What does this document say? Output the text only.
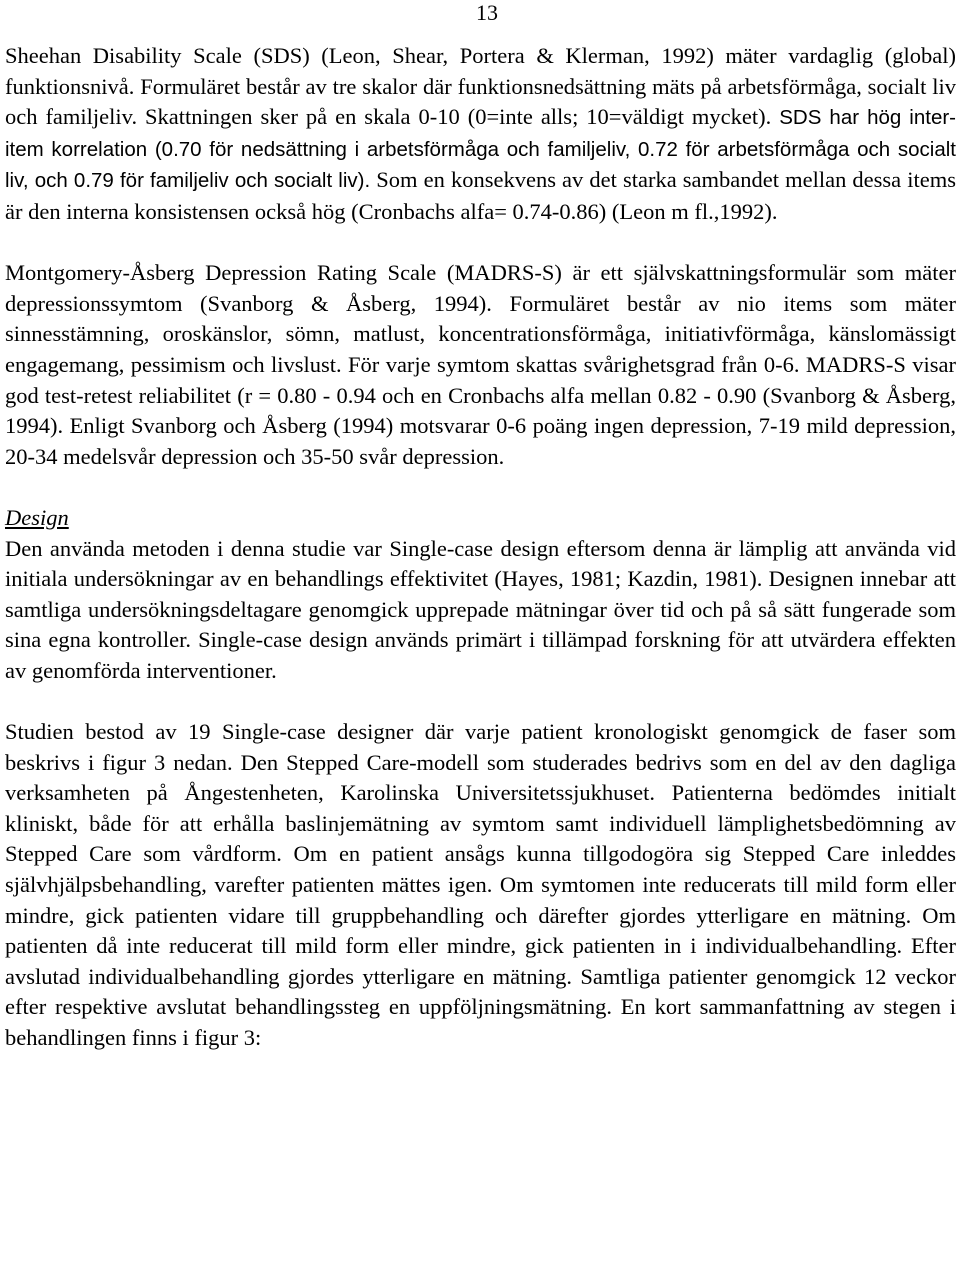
13

Sheehan Disability Scale (SDS) (Leon, Shear, Portera & Klerman, 1992) mäter vardaglig (global) funktionsnivå. Formuläret består av tre skalor där funktionsnedsättning mäts på arbetsförmåga, socialt liv och familjeliv. Skattningen sker på en skala 0-10 (0=inte alls; 10=väldigt mycket). SDS har hög inter-item korrelation (0.70 för nedsättning i arbetsförmåga och familjeliv, 0.72 för arbetsförmåga och socialt liv, och 0.79 för familjeliv och socialt liv). Som en konsekvens av det starka sambandet mellan dessa items är den interna konsistensen också hög (Cronbachs alfa= 0.74-0.86) (Leon m fl.,1992).

Montgomery-Åsberg Depression Rating Scale (MADRS-S) är ett självskattningsformulär som mäter depressionssymtom (Svanborg & Åsberg, 1994). Formuläret består av nio items som mäter sinnesstämning, oroskänslor, sömn, matlust, koncentrationsförmåga, initiativförmåga, känslomässigt engagemang, pessimism och livslust. För varje symtom skattas svårighetsgrad från 0-6. MADRS-S visar god test-retest reliabilitet (r = 0.80 - 0.94 och en Cronbachs alfa mellan 0.82 - 0.90 (Svanborg & Åsberg, 1994). Enligt Svanborg och Åsberg (1994) motsvarar 0-6 poäng ingen depression, 7-19 mild depression, 20-34 medelsvår depression och 35-50 svår depression.

Design

Den använda metoden i denna studie var Single-case design eftersom denna är lämplig att använda vid initiala undersökningar av en behandlings effektivitet (Hayes, 1981; Kazdin, 1981). Designen innebar att samtliga undersökningsdeltagare genomgick upprepade mätningar över tid och på så sätt fungerade som sina egna kontroller. Single-case design används primärt i tillämpad forskning för att utvärdera effekten av genomförda interventioner.

Studien bestod av 19 Single-case designer där varje patient kronologiskt genomgick de faser som beskrivs i figur 3 nedan. Den Stepped Care-modell som studerades bedrivs som en del av den dagliga verksamheten på Ångestenheten, Karolinska Universitetssjukhuset. Patienterna bedömdes initialt kliniskt, både för att erhålla baslinjemätning av symtom samt individuell lämplighetsbedömning av Stepped Care som vårdform. Om en patient ansågs kunna tillgodogöra sig Stepped Care inleddes självhjälpsbehandling, varefter patienten mättes igen. Om symtomen inte reducerats till mild form eller mindre, gick patienten vidare till gruppbehandling och därefter gjordes ytterligare en mätning. Om patienten då inte reducerat till mild form eller mindre, gick patienten in i individualbehandling. Efter avslutad individualbehandling gjordes ytterligare en mätning. Samtliga patienter genomgick 12 veckor efter respektive avslutat behandlingssteg en uppföljningsmätning. En kort sammanfattning av stegen i behandlingen finns i figur 3:
